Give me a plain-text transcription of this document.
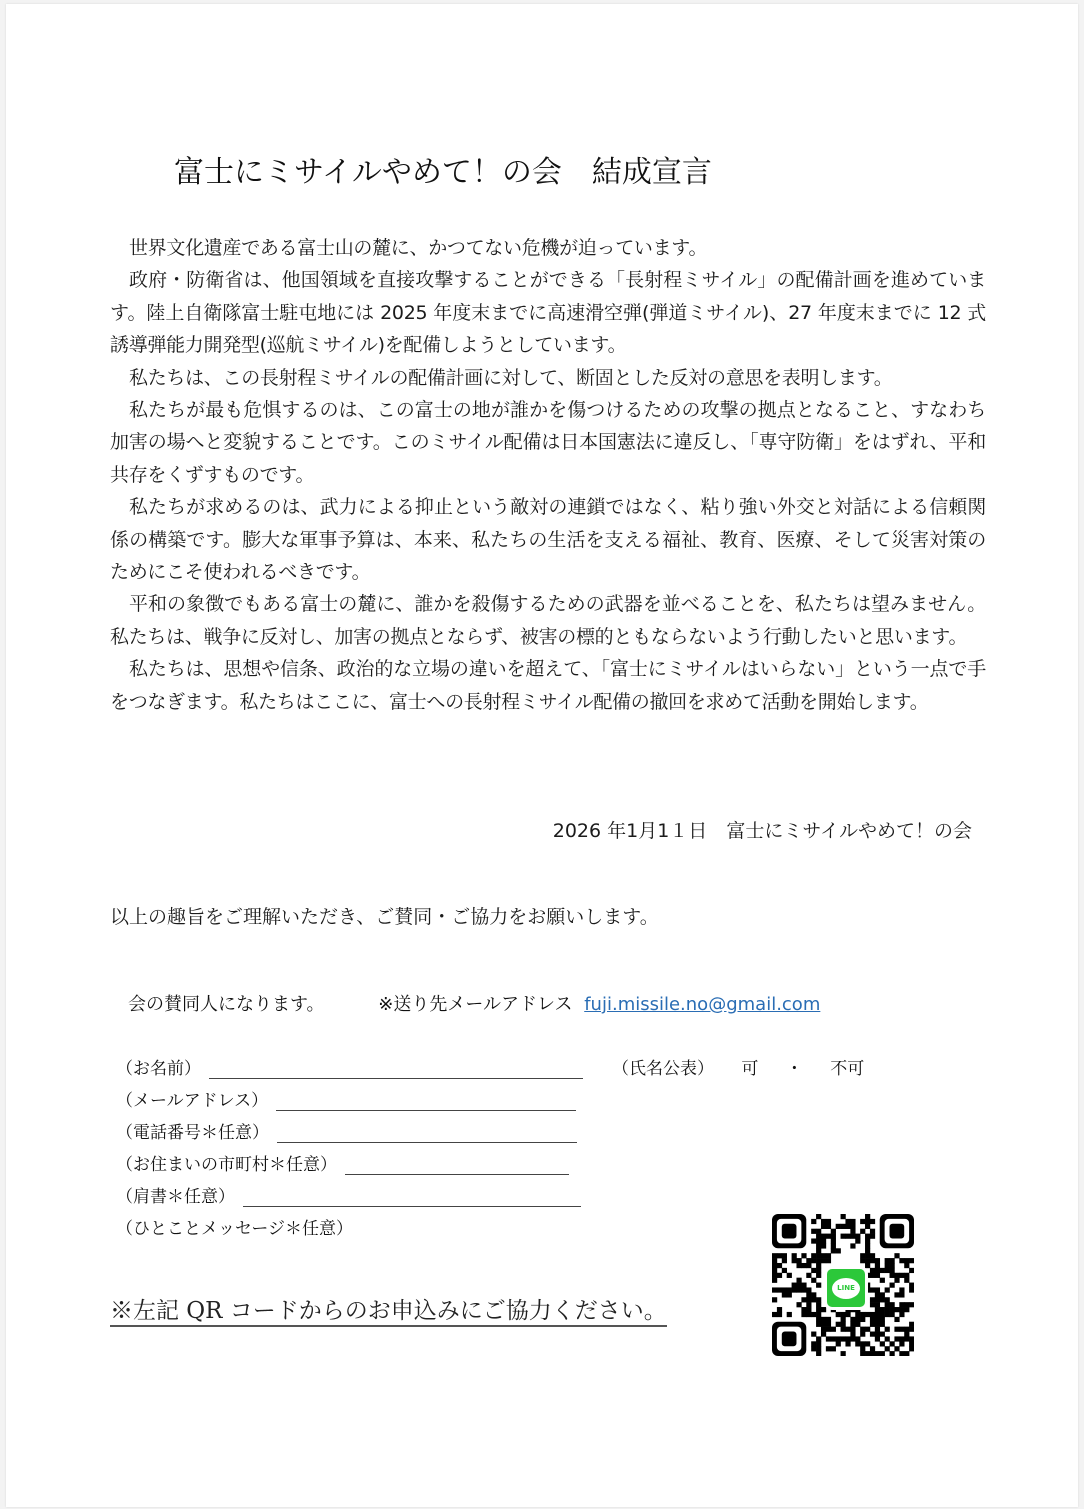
富士にミサイルやめて！の会　結成宣言

世界文化遺産である富士山の麓に、かつてない危機が迫っています。

政府・防衛省は、他国領域を直接攻撃することができる「長射程ミサイル」の配備計画を進めています。陸上自衛隊富士駐屯地には 2025 年度末までに高速滑空弾(弾道ミサイル)、27 年度末までに 12 式誘導弾能力開発型(巡航ミサイル)を配備しようとしています。

私たちは、この長射程ミサイルの配備計画に対して、断固とした反対の意思を表明します。

私たちが最も危惧するのは、この富士の地が誰かを傷つけるための攻撃の拠点となること、すなわち加害の場へと変貌することです。このミサイル配備は日本国憲法に違反し、「専守防衛」をはずれ、平和共存をくずすものです。

私たちが求めるのは、武力による抑止という敵対の連鎖ではなく、粘り強い外交と対話による信頼関係の構築です。膨大な軍事予算は、本来、私たちの生活を支える福祉、教育、医療、そして災害対策のためにこそ使われるべきです。

平和の象徴でもある富士の麓に、誰かを殺傷するための武器を並べることを、私たちは望みません。私たちは、戦争に反対し、加害の拠点とならず、被害の標的ともならないよう行動したいと思います。

私たちは、思想や信条、政治的な立場の違いを超えて、「富士にミサイルはいらない」という一点で手をつなぎます。私たちはここに、富士への長射程ミサイル配備の撤回を求めて活動を開始します。

2026 年1月1１日　 富士にミサイルやめて！の会
以上の趣旨をご理解いただき、ご賛同・ご協力をお願いします。
会の賛同人になります。	※送り先メールアドレス fuji.missile.no@gmail.com
（お名前）	（氏名公表） 可 ・ 不可
（メールアドレス）
（電話番号＊任意）
（お住まいの市町村＊任意）
（肩書＊任意）
（ひとことメッセージ＊任意）
※左記 QR コードからのお申込みにご協力ください。
LINE
